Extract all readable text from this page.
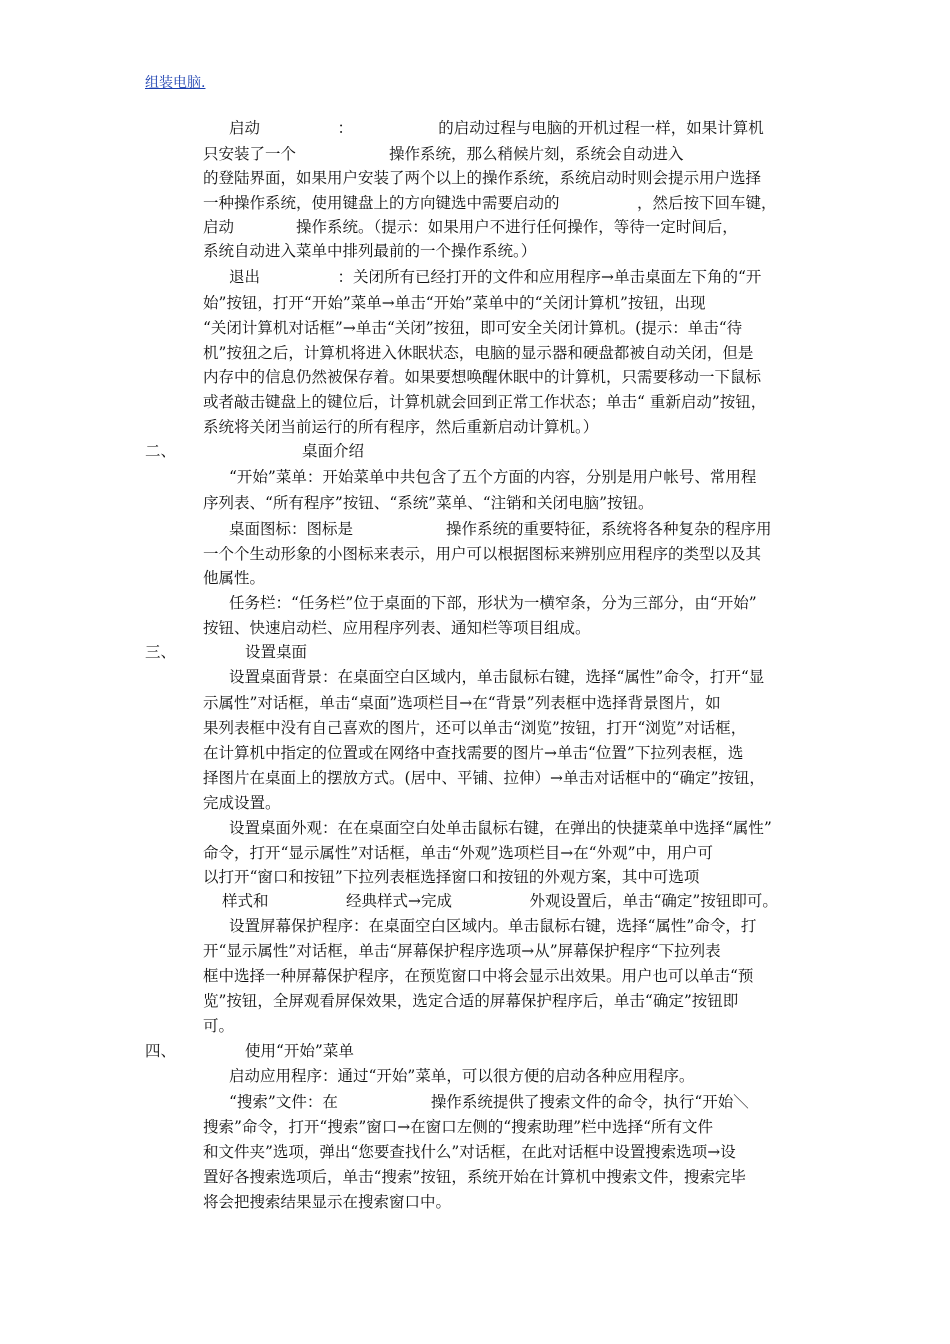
组装电脑.

启动　　　　　：　　　　　　的启动过程与电脑的开机过程一样，如果计算机

只安装了一个　　　　　　操作系统，那么稍候片刻，系统会自动进入

的登陆界面，如果用户安装了两个以上的操作系统，系统启动时则会提示用户选择

一种操作系统，使用键盘上的方向键选中需要启动的　　　　　，然后按下回车键，

启动　　　　操作系统。（提示：如果用户不进行任何操作，等待一定时间后，

系统自动进入菜单中排列最前的一个操作系统。）

退出　　　　　：关闭所有已经打开的文件和应用程序→单击桌面左下角的“开

始”按钮，打开“开始”菜单→单击“开始”菜单中的“关闭计算机”按钮，出现

“关闭计算机对话框”→单击“关闭”按狃，即可安全关闭计算机。(提示：单击“待

机”按狃之后，计算机将进入休眠状态，电脑的显示器和硬盘都被自动关闭，但是

内存中的信息仍然被保存着。如果要想唤醒休眠中的计算机，只需要移动一下鼠标

或者敲击键盘上的键位后，计算机就会回到正常工作状态；单击“ 重新启动”按钮，

系统将关闭当前运行的所有程序，然后重新启动计算机。）

二、	桌面介绍

“开始”菜单：开始菜单中共包含了五个方面的内容，分别是用户帐号、常用程

序列表、“所有程序”按钮、“系统”菜单、“注销和关闭电脑”按钮。

桌面图标：图标是　　　　　　操作系统的重要特征，系统将各种复杂的程序用

一个个生动形象的小图标来表示，用户可以根据图标来辨别应用程序的类型以及其

他属性。

任务栏：“任务栏”位于桌面的下部，形状为一横窄条，分为三部分，由“开始”

按钮、快速启动栏、应用程序列表、通知栏等项目组成。

三、	设置桌面

设置桌面背景：在桌面空白区域内，单击鼠标右键，选择“属性”命令，打开“显

示属性”对话框，单击“桌面”选项栏目→在“背景”列表框中选择背景图片，如

果列表框中没有自己喜欢的图片，还可以单击“浏览”按钮，打开“浏览”对话框，

在计算机中指定的位置或在网络中查找需要的图片→单击“位置”下拉列表框，选

择图片在桌面上的摆放方式。(居中、平铺、拉伸）→单击对话框中的“确定”按钮，

完成设置。

设置桌面外观：在在桌面空白处单击鼠标右键，在弹出的快捷菜单中选择“属性”

命令，打开“显示属性”对话框，单击“外观”选项栏目→在“外观”中，用户可

以打开“窗口和按钮”下拉列表框选择窗口和按钮的外观方案，其中可选项

样式和　　　　　经典样式→完成　　　　　外观设置后，单击“确定”按钮即可。

设置屏幕保护程序：在桌面空白区域内。单击鼠标右键，选择“属性”命令，打

开“显示属性”对话框，单击“屏幕保护程序选项→从”屏幕保护程序“下拉列表

框中选择一种屏幕保护程序，在预览窗口中将会显示出效果。用户也可以单击“预

览”按钮，全屏观看屏保效果，选定合适的屏幕保护程序后，单击“确定”按钮即

可。

四、	使用“开始”菜单

启动应用程序：通过“开始”菜单，可以很方便的启动各种应用程序。

“搜索”文件：在　　　　　　操作系统提供了搜索文件的命令，执行“开始＼

搜索”命令，打开“搜索”窗口→在窗口左侧的“搜索助理”栏中选择“所有文件

和文件夹”选项，弹出“您要查找什么”对话框，在此对话框中设置搜索选项→设

置好各搜索选项后，单击“搜索”按钮，系统开始在计算机中搜索文件，搜索完毕

将会把搜索结果显示在搜索窗口中。
